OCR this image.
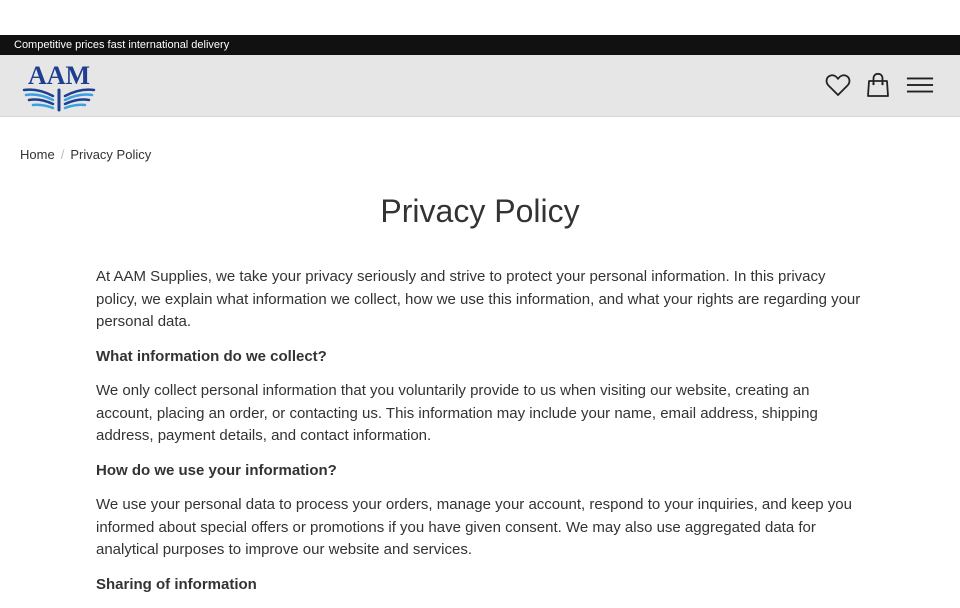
Competitive prices fast international delivery
AAM
Home / Privacy Policy
Privacy Policy

At AAM Supplies, we take your privacy seriously and strive to protect your personal information. In this privacy policy, we explain what information we collect, how we use this information, and what your rights are regarding your personal data.

What information do we collect?

We only collect personal information that you voluntarily provide to us when visiting our website, creating an account, placing an order, or contacting us. This information may include your name, email address, shipping address, payment details, and contact information.

How do we use your information?

We use your personal data to process your orders, manage your account, respond to your inquiries, and keep you informed about special offers or promotions if you have given consent. We may also use aggregated data for analytical purposes to improve our website and services.

Sharing of information
